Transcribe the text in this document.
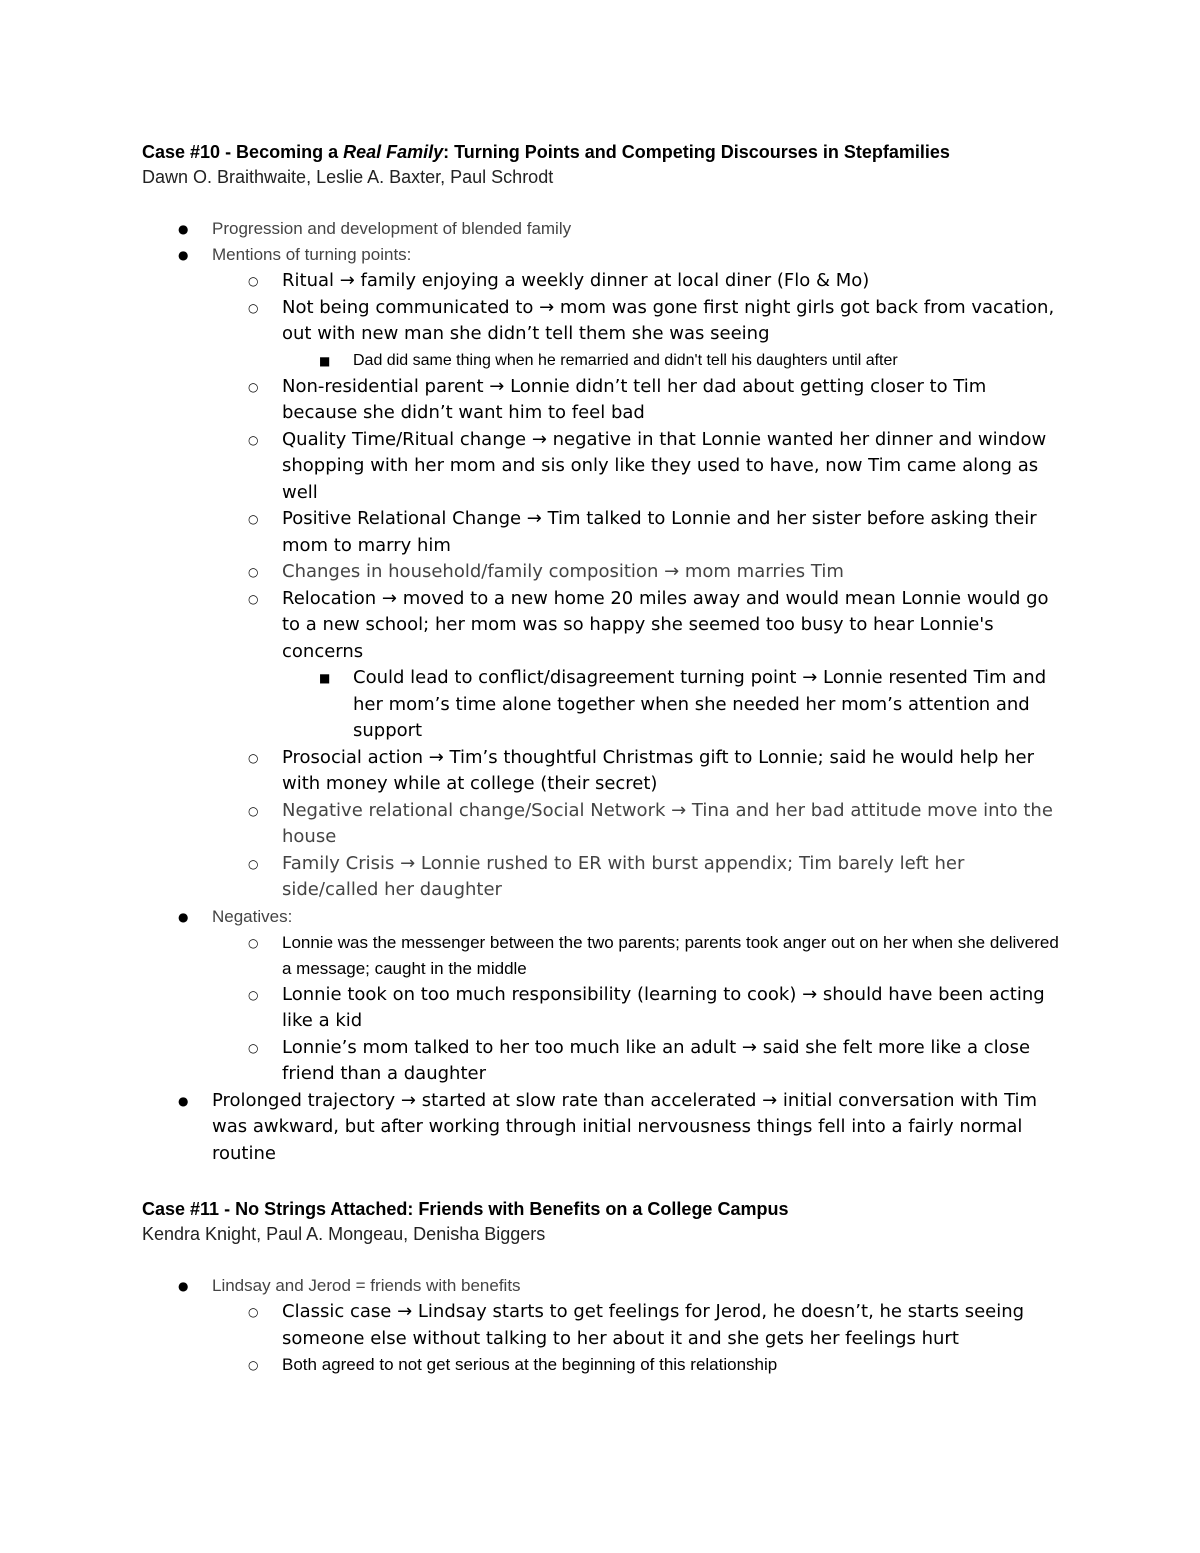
Case #10 - Becoming a Real Family: Turning Points and Competing Discourses in Stepfamilies

Dawn O. Braithwaite, Leslie A. Baxter, Paul Schrodt

● Progression and development of blended family
● Mentions of turning points:
○ Ritual → family enjoying a weekly dinner at local diner (Flo & Mo)
○ Not being communicated to → mom was gone first night girls got back from vacation, out with new man she didn’t tell them she was seeing
■ Dad did same thing when he remarried and didn't tell his daughters until after
○ Non-residential parent → Lonnie didn’t tell her dad about getting closer to Tim because she didn’t want him to feel bad
○ Quality Time/Ritual change → negative in that Lonnie wanted her dinner and window shopping with her mom and sis only like they used to have, now Tim came along as well
○ Positive Relational Change → Tim talked to Lonnie and her sister before asking their mom to marry him
○ Changes in household/family composition → mom marries Tim
○ Relocation → moved to a new home 20 miles away and would mean Lonnie would go to a new school; her mom was so happy she seemed too busy to hear Lonnie's concerns
■ Could lead to conflict/disagreement turning point → Lonnie resented Tim and her mom’s time alone together when she needed her mom’s attention and support
○ Prosocial action → Tim’s thoughtful Christmas gift to Lonnie; said he would help her with money while at college (their secret)
○ Negative relational change/Social Network → Tina and her bad attitude move into the house
○ Family Crisis → Lonnie rushed to ER with burst appendix; Tim barely left her side/called her daughter
● Negatives:
○ Lonnie was the messenger between the two parents; parents took anger out on her when she delivered a message; caught in the middle
○ Lonnie took on too much responsibility (learning to cook) → should have been acting like a kid
○ Lonnie’s mom talked to her too much like an adult → said she felt more like a close friend than a daughter
● Prolonged trajectory → started at slow rate than accelerated → initial conversation with Tim was awkward, but after working through initial nervousness things fell into a fairly normal routine

Case #11 - No Strings Attached: Friends with Benefits on a College Campus

Kendra Knight, Paul A. Mongeau, Denisha Biggers

● Lindsay and Jerod = friends with benefits
○ Classic case → Lindsay starts to get feelings for Jerod, he doesn’t, he starts seeing someone else without talking to her about it and she gets her feelings hurt
○ Both agreed to not get serious at the beginning of this relationship
